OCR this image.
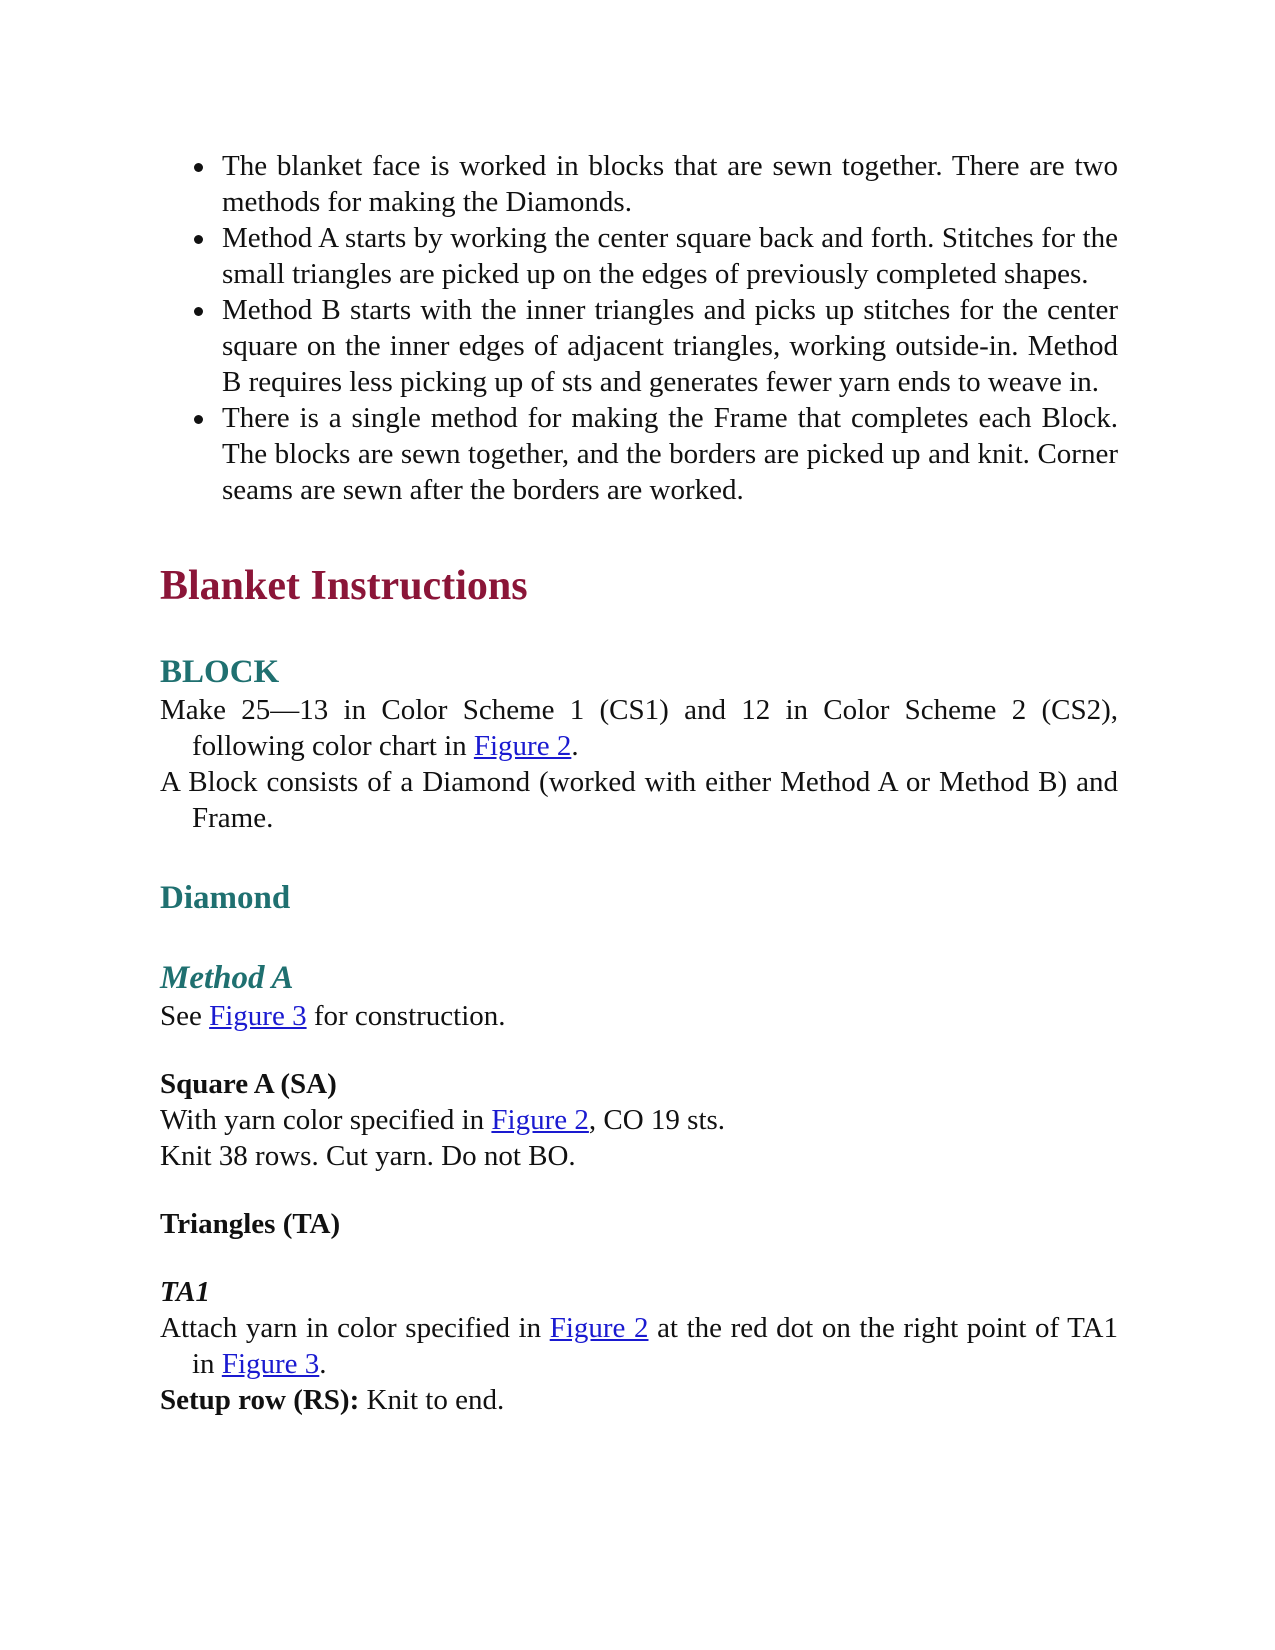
The blanket face is worked in blocks that are sewn together. There are two methods for making the Diamonds.
Method A starts by working the center square back and forth. Stitches for the small triangles are picked up on the edges of previously completed shapes.
Method B starts with the inner triangles and picks up stitches for the center square on the inner edges of adjacent triangles, working outside-in. Method B requires less picking up of sts and generates fewer yarn ends to weave in.
There is a single method for making the Frame that completes each Block. The blocks are sewn together, and the borders are picked up and knit. Corner seams are sewn after the borders are worked.
Blanket Instructions
BLOCK

Make 25—13 in Color Scheme 1 (CS1) and 12 in Color Scheme 2 (CS2), following color chart in Figure 2.

A Block consists of a Diamond (worked with either Method A or Method B) and Frame.

Diamond
Method A

See Figure 3 for construction.

Square A (SA)

With yarn color specified in Figure 2, CO 19 sts.

Knit 38 rows. Cut yarn. Do not BO.

Triangles (TA)
TA1

Attach yarn in color specified in Figure 2 at the red dot on the right point of TA1 in Figure 3.

Setup row (RS): Knit to end.
